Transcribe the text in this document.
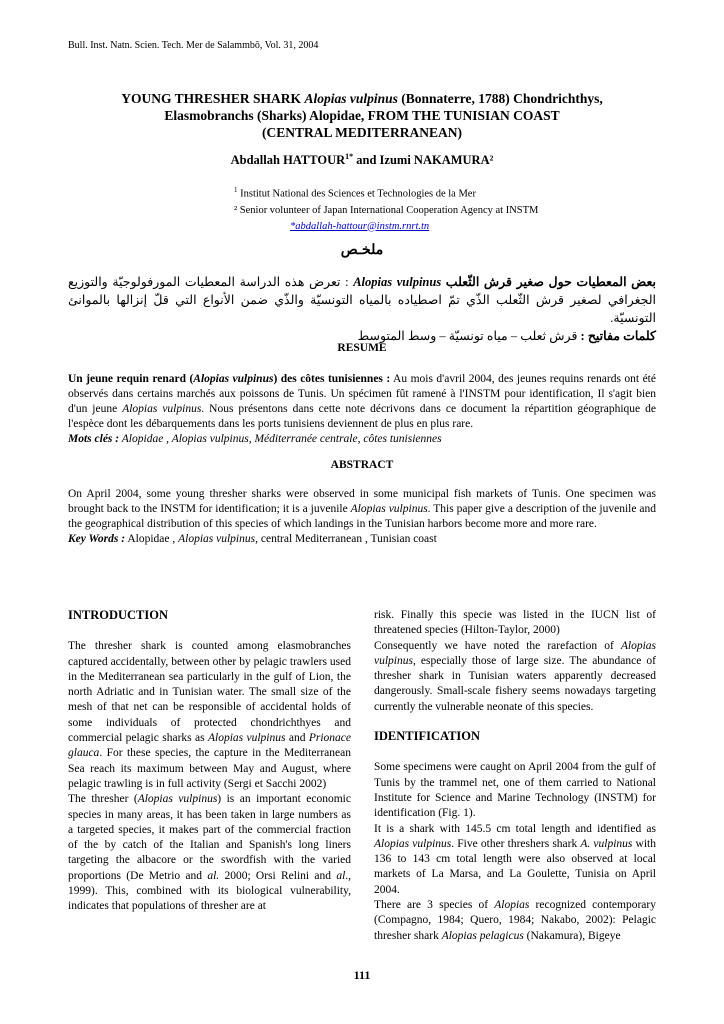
Bull. Inst. Natn. Scien. Tech. Mer de Salammbô, Vol. 31, 2004
YOUNG THRESHER SHARK Alopias vulpinus (Bonnaterre, 1788) Chondrichthys,
Elasmobranchs (Sharks) Alopidae, FROM THE TUNISIAN COAST
(CENTRAL MEDITERRANEAN)
Abdallah $HATTOUR^{1*}$ and Izumi NAKAMURA²
$^1$ Institut National des Sciences et Technologies de la Mer
² Senior volunteer of Japan International Cooperation Agency at INSTM
*abdallah-hattour@instm.rnrt.tn
ملخـص
بعض المعطيات حول صغير قرش الثّعلب Alopias vulpinus : تعرض هذه الدراسة المعطيات المورفولوجيّة والتوزيع الجغرافي لصغير قرش الثّعلب الذّي تمّ اصطياده بالمياه التونسيّة والذّي ضمن الأنواع التي قلّ إنزالها بالموانئ التونسيّة.
كلمات مفاتيح : قرش ثعلب – مياه تونسيّة – وسط المتوسط
RESUME
Un jeune requin renard (Alopias vulpinus) des côtes tunisiennes : Au mois d'avril 2004, des jeunes requins renards ont été observés dans certains marchés aux poissons de Tunis. Un spécimen fût ramené à l'INSTM pour identification, Il s'agit bien d'un jeune Alopias vulpinus. Nous présentons dans cette note décrivons dans ce document la répartition géographique de l'espèce dont les débarquements dans les ports tunisiens deviennent de plus en plus rare.
Mots clés : Alopidae , Alopias vulpinus, Méditerranée centrale, côtes tunisiennes
ABSTRACT
On April 2004, some young thresher sharks were observed in some municipal fish markets of Tunis. One specimen was brought back to the INSTM for identification; it is a juvenile Alopias vulpinus. This paper give a description of the juvenile and the geographical distribution of this species of which landings in the Tunisian harbors become more and more rare.
Key Words : Alopidae , Alopias vulpinus, central Mediterranean , Tunisian coast

INTRODUCTION

The thresher shark is counted among elasmobranches captured accidentally, between other by pelagic trawlers used in the Mediterranean sea particularly in the gulf of Lion, the north Adriatic and in Tunisian water. The small size of the mesh of that net can be responsible of accidental holds of some individuals of protected chondrichthyes and commercial pelagic sharks as Alopias vulpinus and Prionace glauca. For these species, the capture in the Mediterranean Sea reach its maximum between May and August, where pelagic trawling is in full activity (Sergi et Sacchi 2002)

The thresher (Alopias vulpinus) is an important economic species in many areas, it has been taken in large numbers as a targeted species, it makes part of the commercial fraction of the by catch of the Italian and Spanish's long liners targeting the albacore or the swordfish with the varied proportions (De Metrio and al. 2000; Orsi Relini and al., 1999). This, combined with its biological vulnerability, indicates that populations of thresher are at

risk. Finally this specie was listed in the IUCN list of threatened species (Hilton-Taylor, 2000)

Consequently we have noted the rarefaction of Alopias vulpinus, especially those of large size. The abundance of thresher shark in Tunisian waters apparently decreased dangerously. Small-scale fishery seems nowadays targeting currently the vulnerable neonate of this species.

IDENTIFICATION

Some specimens were caught on April 2004 from the gulf of Tunis by the trammel net, one of them carried to National Institute for Science and Marine Technology (INSTM) for identification (Fig. 1).

It is a shark with 145.5 cm total length and identified as Alopias vulpinus. Five other threshers shark A. vulpinus with 136 to 143 cm total length were also observed at local markets of La Marsa, and La Goulette, Tunisia on April 2004.

There are 3 species of Alopias recognized contemporary (Compagno, 1984; Quero, 1984; Nakabo, 2002): Pelagic thresher shark Alopias pelagicus (Nakamura), Bigeye

111
